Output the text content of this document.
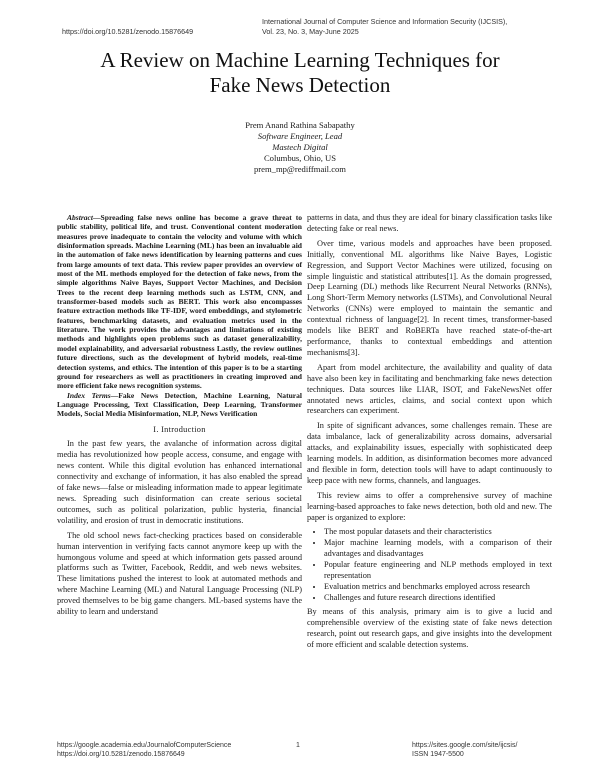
https://doi.org/10.5281/zenodo.15876649
International Journal of Computer Science and Information Security (IJCSIS),
Vol. 23, No. 3, May-June 2025
A Review on Machine Learning Techniques for
Fake News Detection
Prem Anand Rathina Sabapathy
Software Engineer, Lead
Mastech Digital
Columbus, Ohio, US
prem_mp@rediffmail.com

Abstract—Spreading false news online has become a grave threat to public stability, political life, and trust. Conventional content moderation measures prove inadequate to contain the velocity and volume with which disinformation spreads. Machine Learning (ML) has been an invaluable aid in the automation of fake news identification by learning patterns and cues from large amounts of text data. This review paper provides an overview of most of the ML methods employed for the detection of fake news, from the simple algorithms Naive Bayes, Support Vector Machines, and Decision Trees to the recent deep learning methods such as LSTM, CNN, and transformer-based models such as BERT. This work also encompasses feature extraction methods like TF-IDF, word embeddings, and stylometric features, benchmarking datasets, and evaluation metrics used in the literature. The work provides the advantages and limitations of existing methods and highlights open problems such as dataset generalizability, model explainability, and adversarial robustness Lastly, the review outlines future directions, such as the development of hybrid models, real-time detection systems, and ethics. The intention of this paper is to be a starting ground for researchers as well as practitioners in creating improved and more efficient fake news recognition systems.

Index Terms—Fake News Detection, Machine Learning, Natural Language Processing, Text Classification, Deep Learning, Transformer Models, Social Media Misinformation, NLP, News Verification

I. Introduction

In the past few years, the avalanche of information across digital media has revolutionized how people access, consume, and engage with news content. While this digital evolution has enhanced international connectivity and exchange of information, it has also enabled the spread of fake news—false or misleading information made to appear legitimate news. Spreading such disinformation can create serious societal outcomes, such as political polarization, public hysteria, financial volatility, and erosion of trust in democratic institutions.

The old school news fact-checking practices based on considerable human intervention in verifying facts cannot anymore keep up with the humongous volume and speed at which information gets passed around platforms such as Twitter, Facebook, Reddit, and web news websites. These limitations pushed the interest to look at automated methods and where Machine Learning (ML) and Natural Language Processing (NLP) proved themselves to be big game changers. ML-based systems have the ability to learn and understand

patterns in data, and thus they are ideal for binary classification tasks like detecting fake or real news.

Over time, various models and approaches have been proposed. Initially, conventional ML algorithms like Naive Bayes, Logistic Regression, and Support Vector Machines were utilized, focusing on simple linguistic and statistical attributes[1]. As the domain progressed, Deep Learning (DL) methods like Recurrent Neural Networks (RNNs), Long Short-Term Memory networks (LSTMs), and Convolutional Neural Networks (CNNs) were employed to maintain the semantic and contextual richness of language[2]. In recent times, transformer-based models like BERT and RoBERTa have reached state-of-the-art performance, thanks to contextual embeddings and attention mechanisms[3].

Apart from model architecture, the availability and quality of data have also been key in facilitating and benchmarking fake news detection techniques. Data sources like LIAR, ISOT, and FakeNewsNet offer annotated news articles, claims, and social context upon which researchers can experiment.

In spite of significant advances, some challenges remain. These are data imbalance, lack of generalizability across domains, adversarial attacks, and explainability issues, especially with sophisticated deep learning models. In addition, as disinformation becomes more advanced and flexible in form, detection tools will have to adapt continuously to keep pace with new forms, channels, and languages.

This review aims to offer a comprehensive survey of machine learning-based approaches to fake news detection, both old and new. The paper is organized to explore:

• The most popular datasets and their characteristics
• Major machine learning models, with a comparison of their advantages and disadvantages
• Popular feature engineering and NLP methods employed in text representation
• Evaluation metrics and benchmarks employed across research
• Challenges and future research directions identified

By means of this analysis, primary aim is to give a lucid and comprehensible overview of the existing state of fake news detection research, point out research gaps, and give insights into the development of more efficient and scalable detection systems.

https://google.academia.edu/JournalofComputerScience
https://doi.org/10.5281/zenodo.15876649
1	https://sites.google.com/site/ijcsis/
ISSN 1947-5500
